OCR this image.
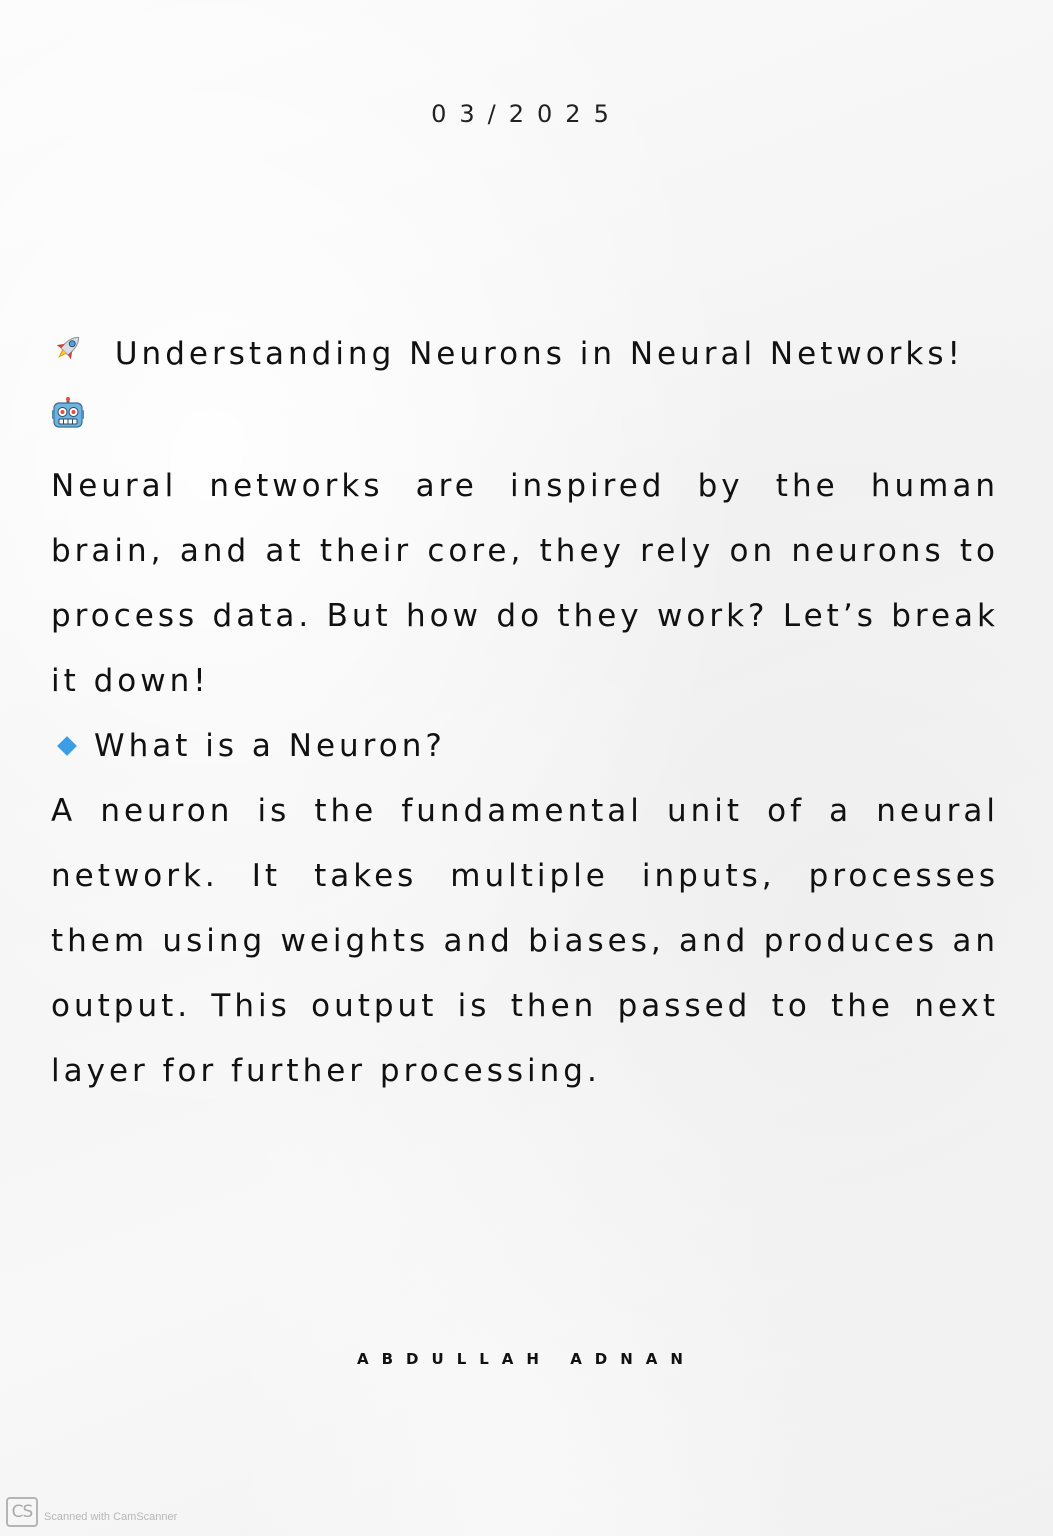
03/2025

Understanding Neurons in Neural Networks!

Neural networks are inspired by the human brain, and at their core, they rely on neurons to process data. But how do they work? Let’s break it down!

What is a Neuron?

A neuron is the fundamental unit of a neural network. It takes multiple inputs, processes them using weights and biases, and produces an output. This output is then passed to the next layer for further processing.

ABDULLAH ADNAN
CS	Scanned with CamScanner
